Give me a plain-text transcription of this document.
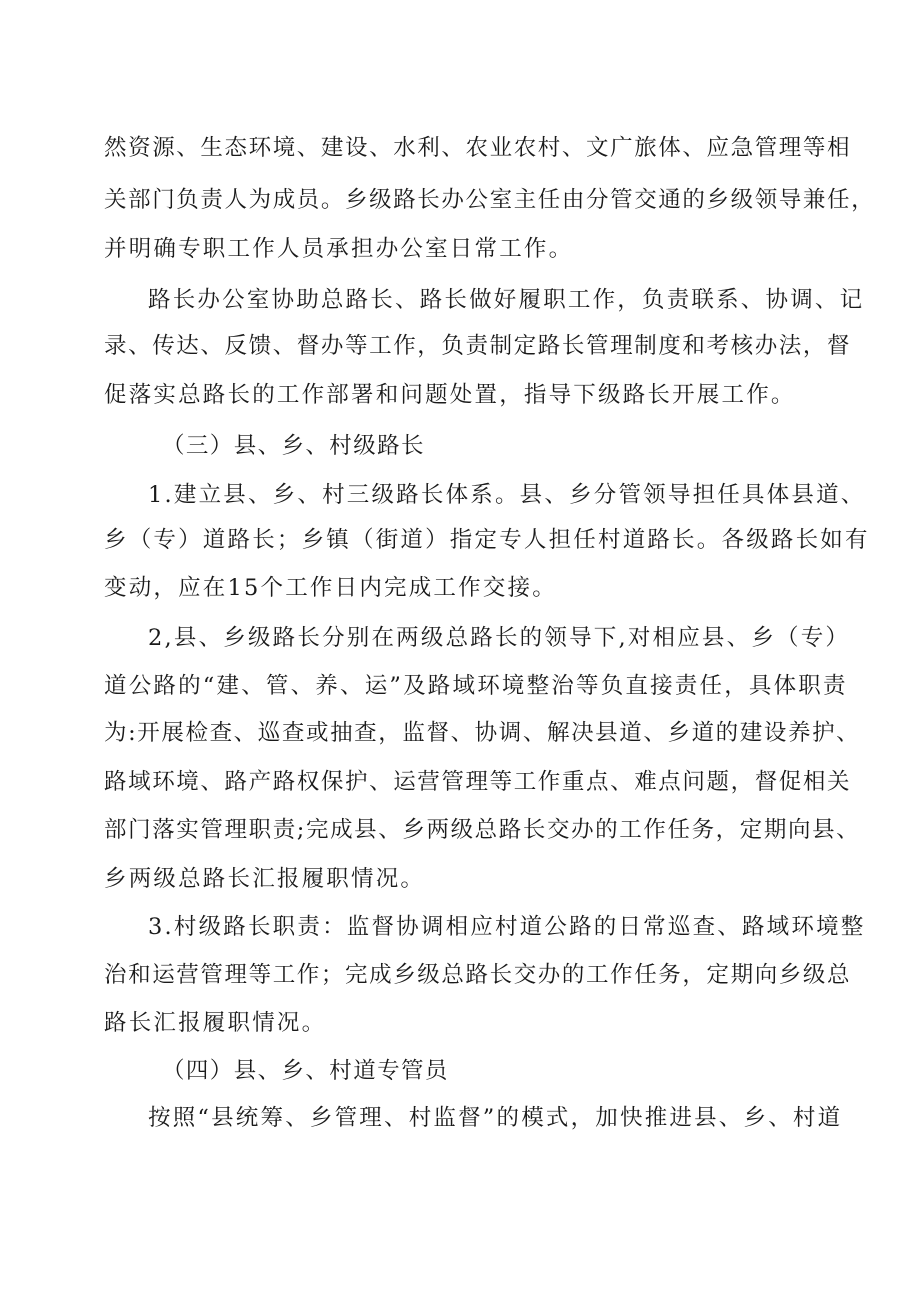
然资源、生态环境、建设、水利、农业农村、文广旅体、应急管理等相
关部门负责人为成员。乡级路长办公室主任由分管交通的乡级领导兼任，
并明确专职工作人员承担办公室日常工作。
路长办公室协助总路长、路长做好履职工作，负责联系、协调、记
录、传达、反馈、督办等工作，负责制定路长管理制度和考核办法，督
促落实总路长的工作部署和问题处置，指导下级路长开展工作。
（三）县、乡、村级路长
1.建立县、乡、村三级路长体系。县、乡分管领导担任具体县道、
乡（专）道路长；乡镇（街道）指定专人担任村道路长。各级路长如有
变动，应在15个工作日内完成工作交接。
2,县、乡级路长分别在两级总路长的领导下,对相应县、乡（专）
道公路的“建、管、养、运”及路域环境整治等负直接责任，具体职责
为:开展检查、巡查或抽查，监督、协调、解决县道、乡道的建设养护、
路域环境、路产路权保护、运营管理等工作重点、难点问题，督促相关
部门落实管理职责;完成县、乡两级总路长交办的工作任务，定期向县、
乡两级总路长汇报履职情况。
3.村级路长职责：监督协调相应村道公路的日常巡查、路域环境整
治和运营管理等工作；完成乡级总路长交办的工作任务，定期向乡级总
路长汇报履职情况。
（四）县、乡、村道专管员
按照“县统筹、乡管理、村监督”的模式，加快推进县、乡、村道
